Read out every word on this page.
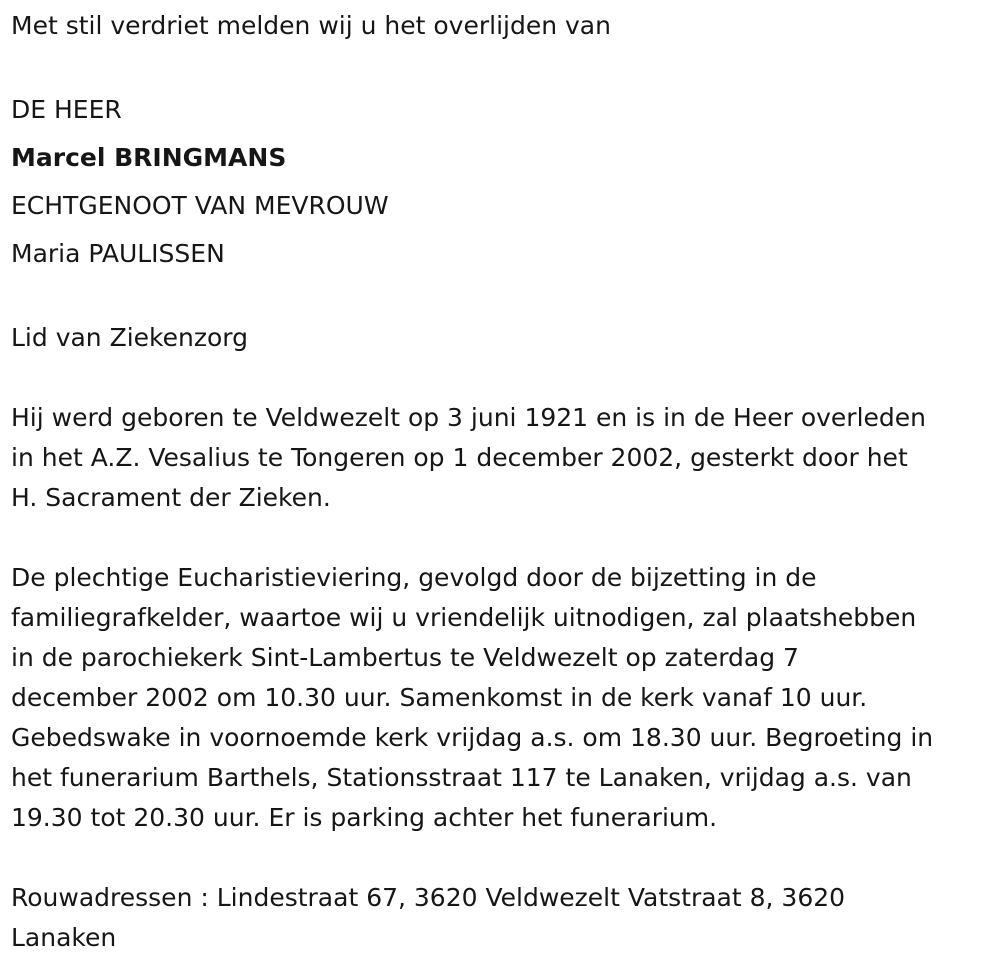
Met stil verdriet melden wij u het overlijden van
DE HEER
Marcel BRINGMANS
ECHTGENOOT VAN MEVROUW
Maria PAULISSEN
Lid van Ziekenzorg
Hij werd geboren te Veldwezelt op 3 juni 1921 en is in de Heer overleden
in het A.Z. Vesalius te Tongeren op 1 december 2002, gesterkt door het
H. Sacrament der Zieken.
De plechtige Eucharistieviering, gevolgd door de bijzetting in de
familiegrafkelder, waartoe wij u vriendelijk uitnodigen, zal plaatshebben
in de parochiekerk Sint-Lambertus te Veldwezelt op zaterdag 7
december 2002 om 10.30 uur. Samenkomst in de kerk vanaf 10 uur.
Gebedswake in voornoemde kerk vrijdag a.s. om 18.30 uur. Begroeting in
het funerarium Barthels, Stationsstraat 117 te Lanaken, vrijdag a.s. van
19.30 tot 20.30 uur. Er is parking achter het funerarium.
Rouwadressen : Lindestraat 67, 3620 Veldwezelt Vatstraat 8, 3620
Lanaken
